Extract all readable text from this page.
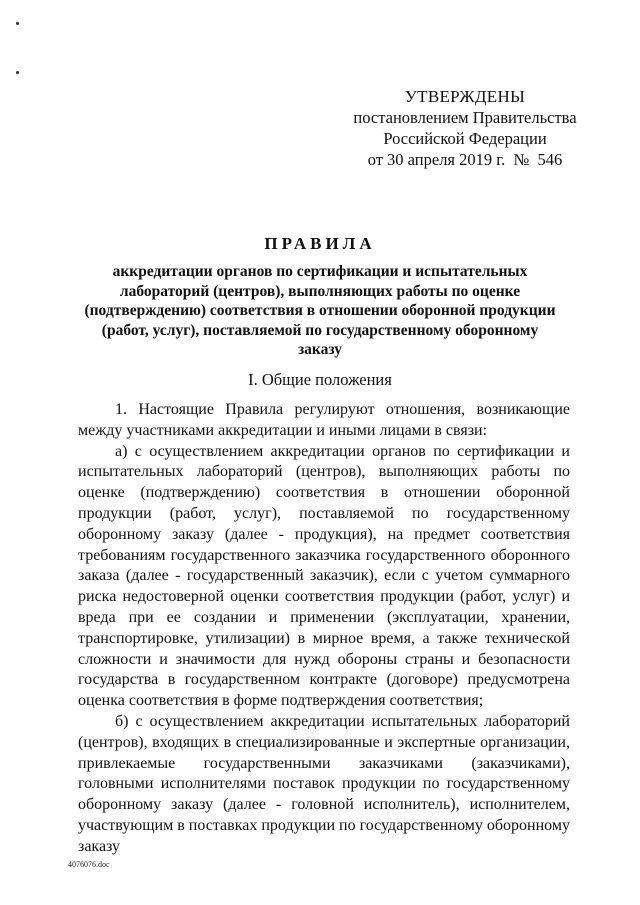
УТВЕРЖДЕНЫ
постановлением Правительства
Российской Федерации
от 30 апреля 2019 г.  №  546
ПРАВИЛА
аккредитации органов по сертификации и испытательных лабораторий (центров), выполняющих работы по оценке (подтверждению) соответствия в отношении оборонной продукции (работ, услуг), поставляемой по государственному оборонному заказу
I. Общие положения

1. Настоящие Правила регулируют отношения, возникающие между участниками аккредитации и иными лицами в связи:

а) с осуществлением аккредитации органов по сертификации и испытательных лабораторий (центров), выполняющих работы по оценке (подтверждению) соответствия в отношении оборонной продукции (работ, услуг), поставляемой по государственному оборонному заказу (далее - продукция), на предмет соответствия требованиям государственного заказчика государственного оборонного заказа (далее - государственный заказчик), если с учетом суммарного риска недостоверной оценки соответствия продукции (работ, услуг) и вреда при ее создании и применении (эксплуатации, хранении, транспортировке, утилизации) в мирное время, а также технической сложности и значимости для нужд обороны страны и безопасности государства в государственном контракте (договоре) предусмотрена оценка соответствия в форме подтверждения соответствия;

б) с осуществлением аккредитации испытательных лабораторий (центров), входящих в специализированные и экспертные организации, привлекаемые государственными заказчиками (заказчиками), головными исполнителями поставок продукции по государственному оборонному заказу (далее - головной исполнитель), исполнителем, участвующим в поставках продукции по государственному оборонному заказу

4076076.doc
